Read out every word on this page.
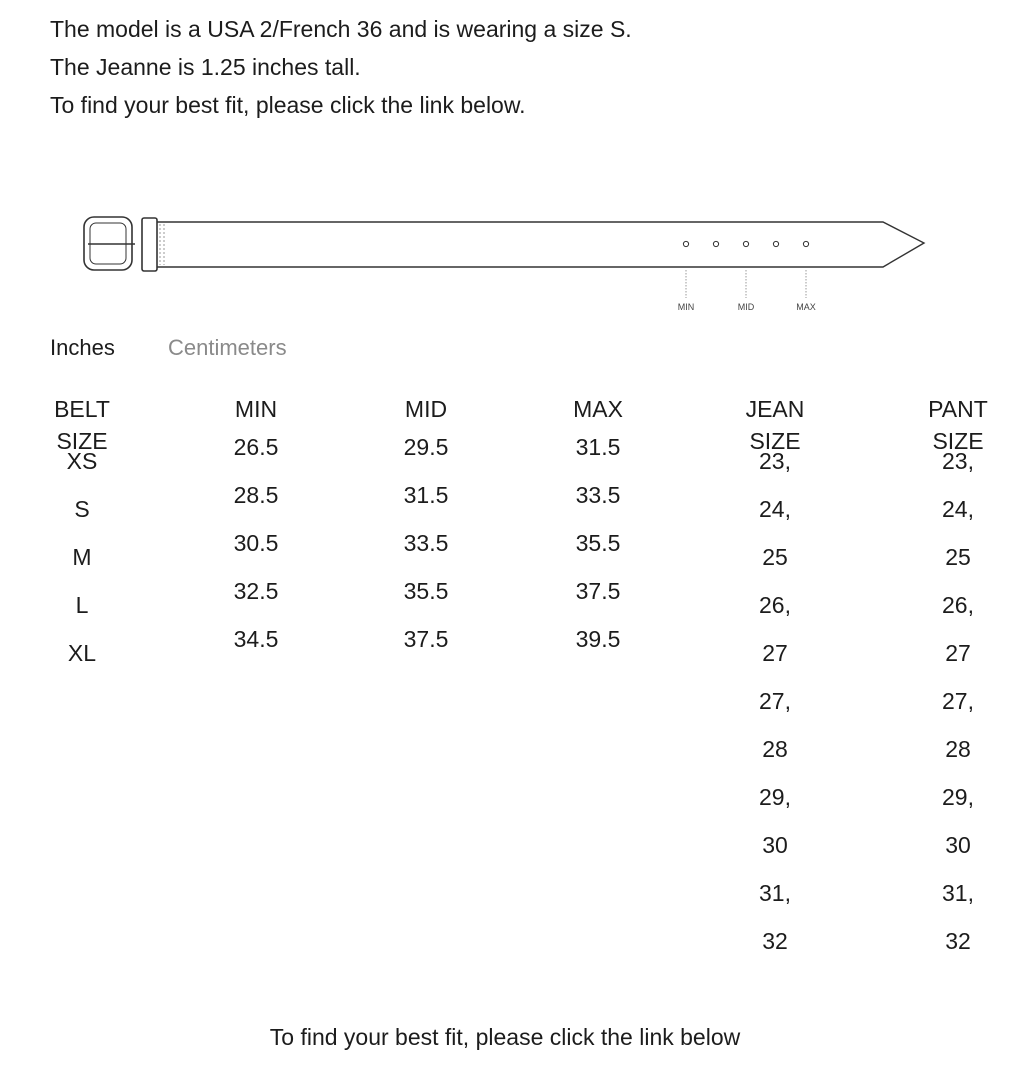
The model is a USA 2/French 36 and is wearing a size S.

The Jeanne is 1.25 inches tall.

To find your best fit, please click the link below.

MIN	MID	MAX
Inches Centimeters
BELT
SIZE
XS
S
M
L
XL
MIN
26.5
28.5
30.5
32.5
34.5
MID
29.5
31.5
33.5
35.5
37.5
MAX
31.5
33.5
35.5
37.5
39.5
JEAN
SIZE
23,
24,
25
26,
27
27,
28
29,
30
31,
32
PANT
SIZE
23,
24,
25
26,
27
27,
28
29,
30
31,
32
To find your best fit, please click the link below
